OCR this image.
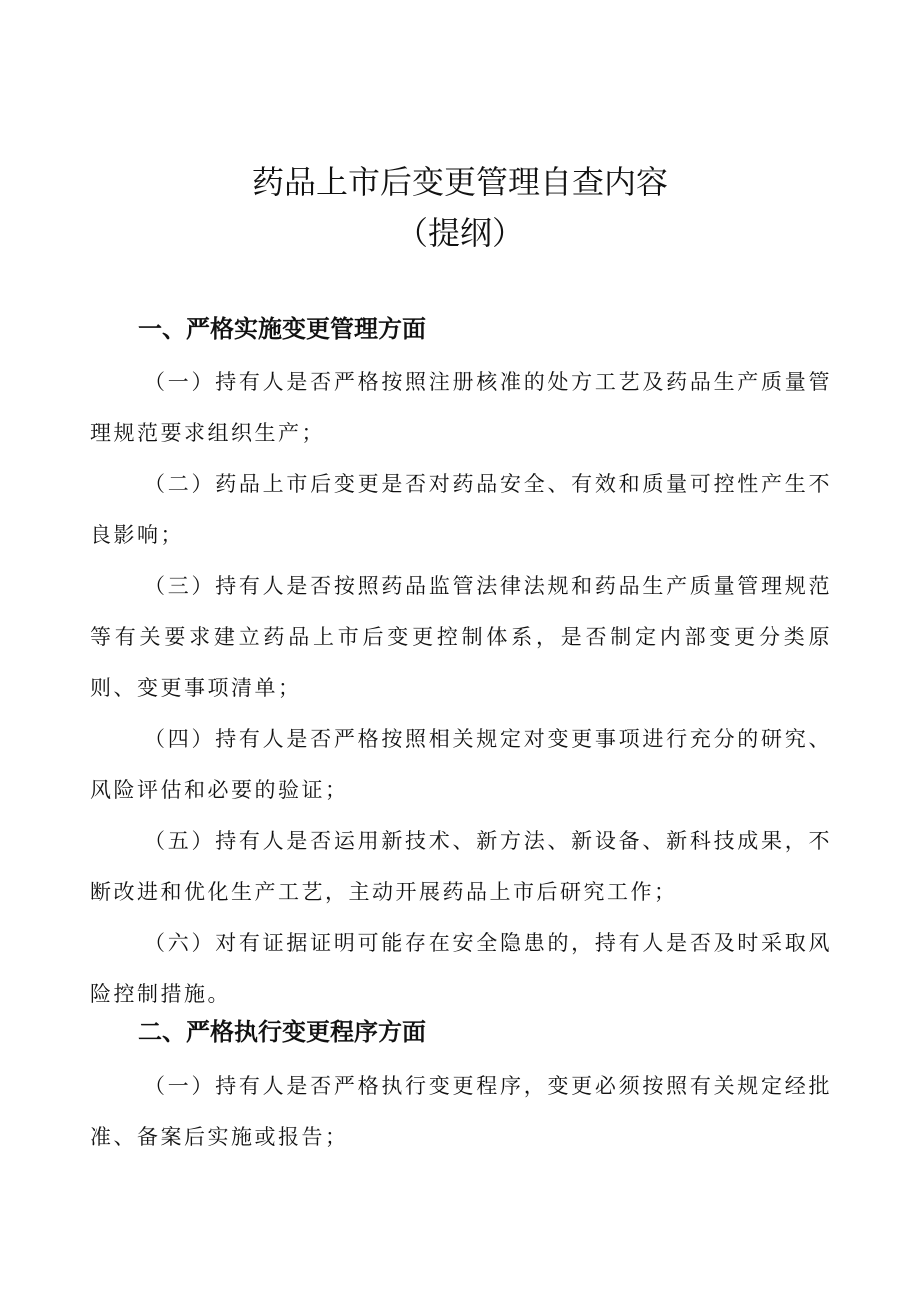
药品上市后变更管理自查内容
（提纲）
一、严格实施变更管理方面
（一）持有人是否严格按照注册核准的处方工艺及药品生产质量管理规范要求组织生产；
（二）药品上市后变更是否对药品安全、有效和质量可控性产生不良影响；
（三）持有人是否按照药品监管法律法规和药品生产质量管理规范等有关要求建立药品上市后变更控制体系，是否制定内部变更分类原则、变更事项清单；
（四）持有人是否严格按照相关规定对变更事项进行充分的研究、风险评估和必要的验证；
（五）持有人是否运用新技术、新方法、新设备、新科技成果，不断改进和优化生产工艺，主动开展药品上市后研究工作；
（六）对有证据证明可能存在安全隐患的，持有人是否及时采取风险控制措施。
二、严格执行变更程序方面
（一）持有人是否严格执行变更程序，变更必须按照有关规定经批准、备案后实施或报告；
